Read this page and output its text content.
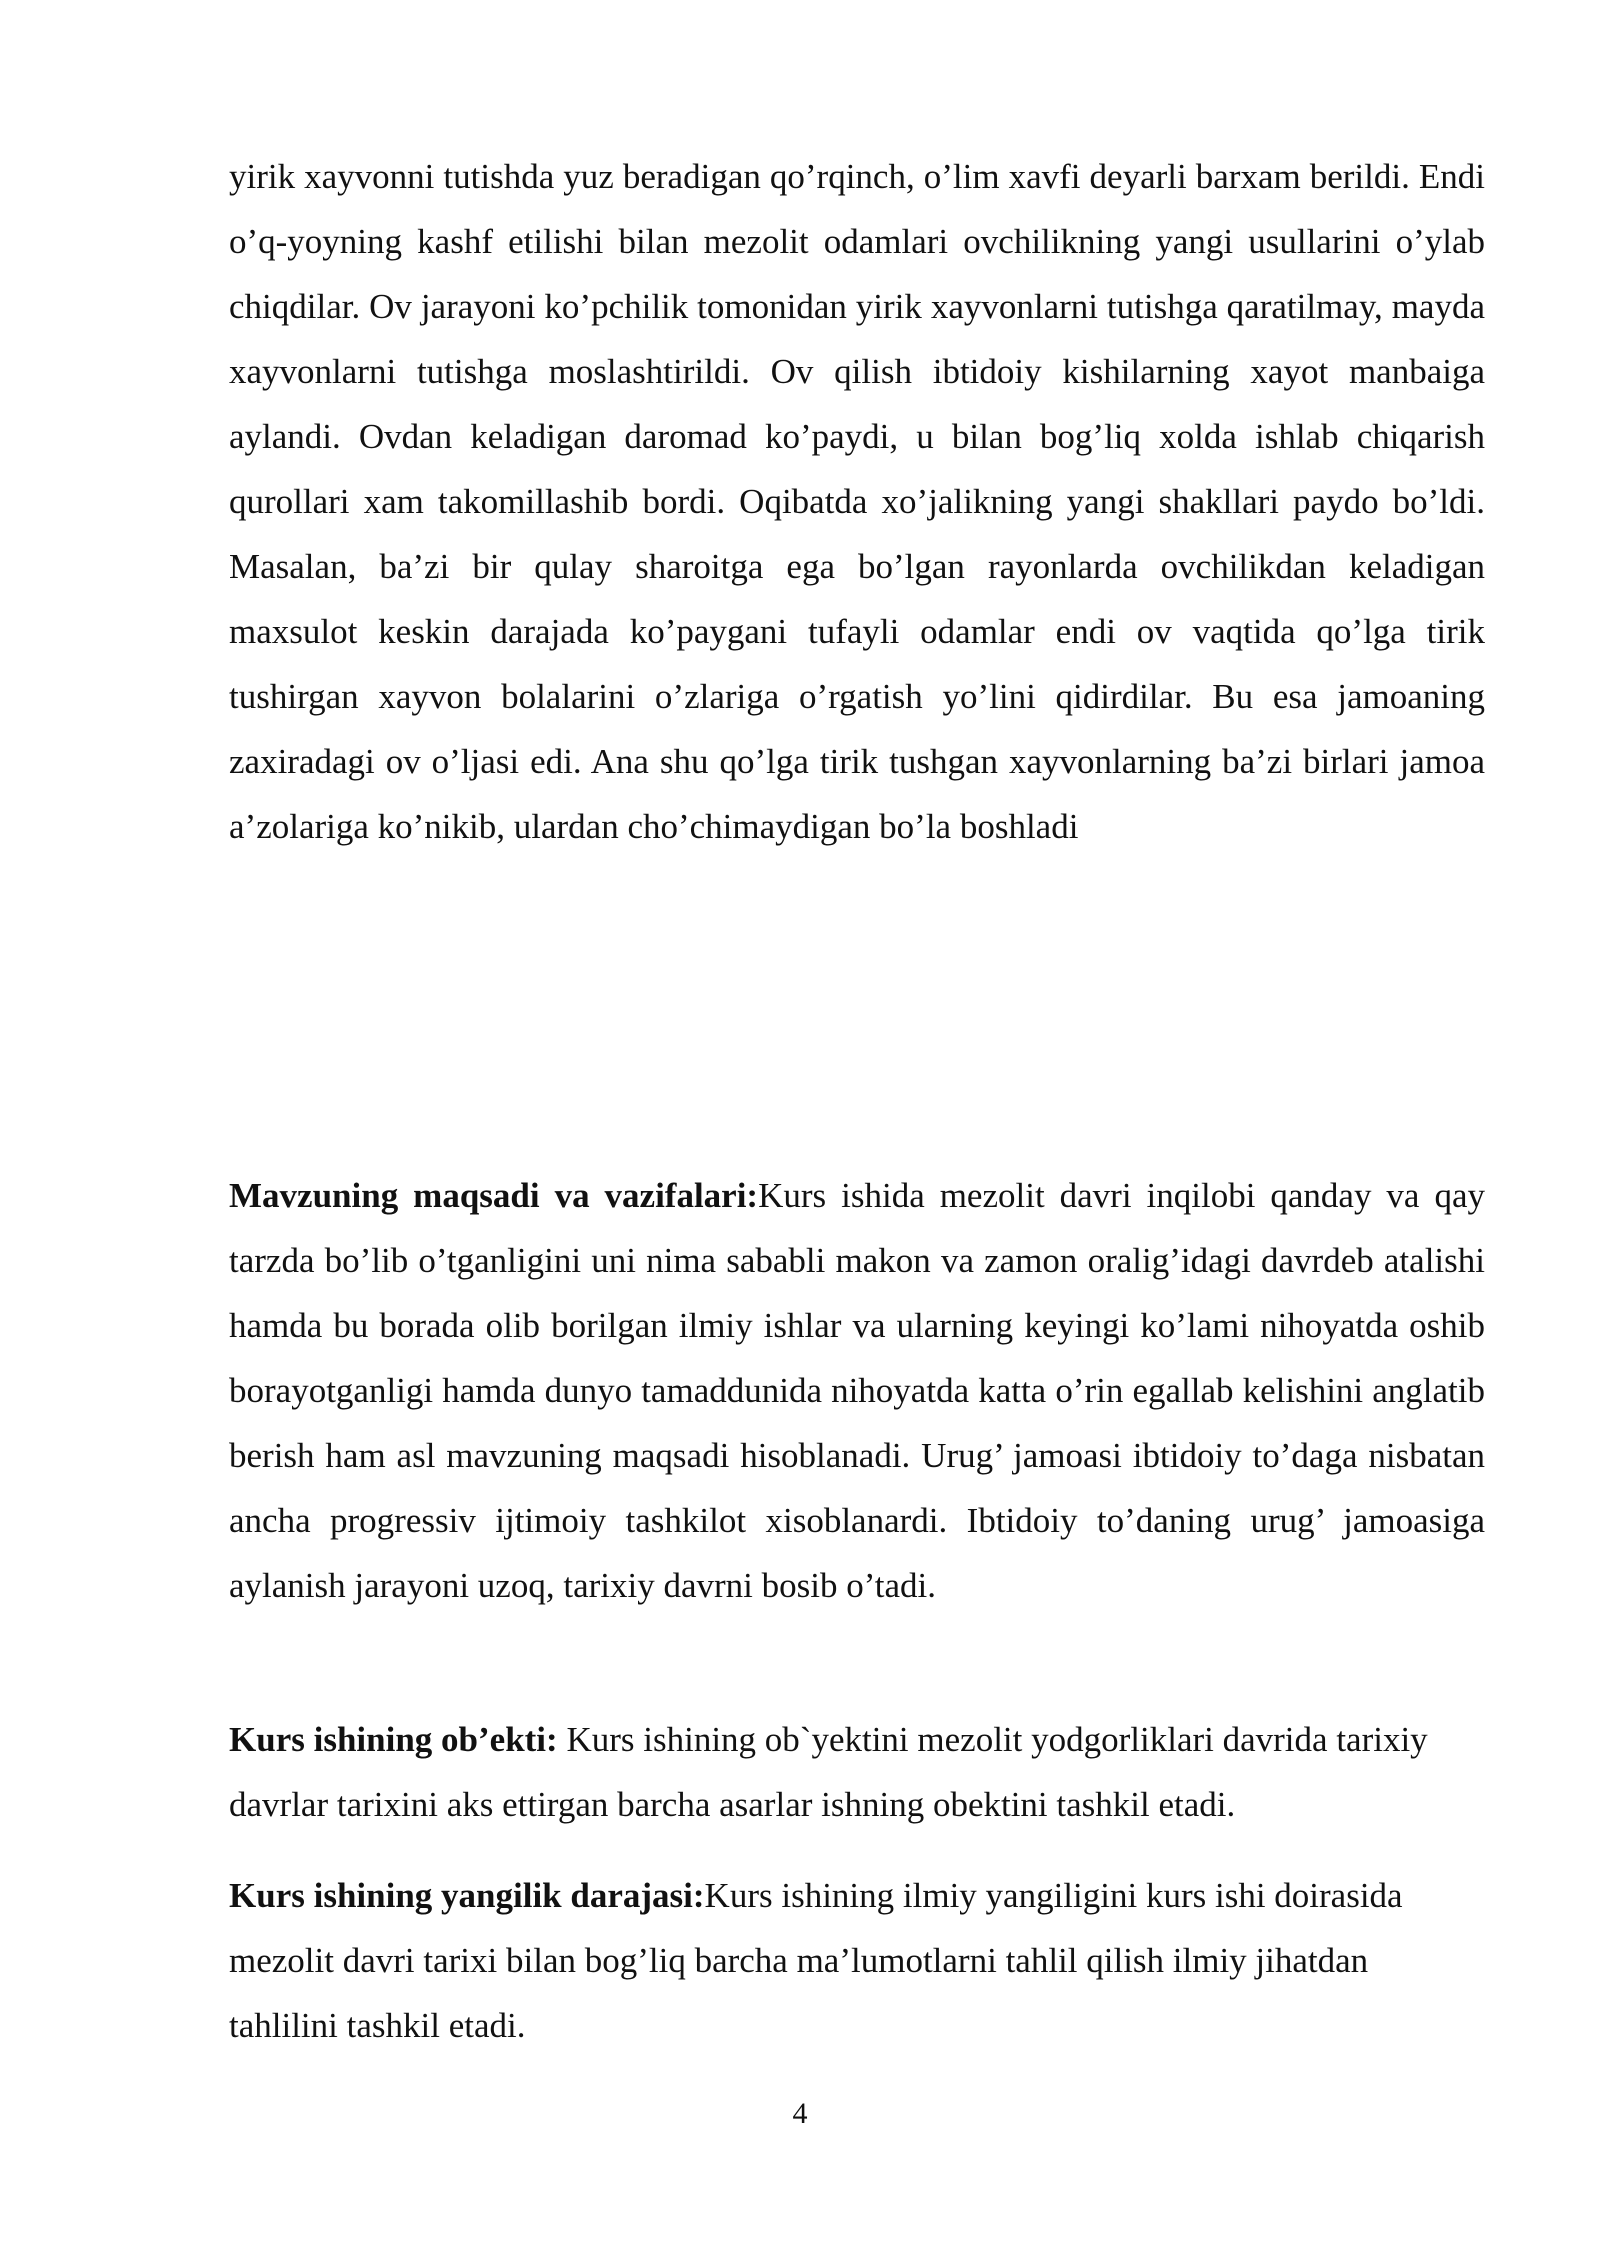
yirik xayvonni tutishda yuz beradigan qo’rqinch, o’lim xavfi deyarli barxam berildi. Endi o’q-yoyning kashf etilishi bilan mezolit odamlari ovchilikning yangi usullarini o’ylab chiqdilar. Ov jarayoni ko’pchilik tomonidan yirik xayvonlarni tutishga qaratilmay, mayda xayvonlarni tutishga moslashtirildi. Ov qilish ibtidoiy kishilarning xayot manbaiga aylandi. Ovdan keladigan daromad ko’paydi, u bilan bog’liq xolda ishlab chiqarish qurollari xam takomillashib bordi. Oqibatda xo’jalikning yangi shakllari paydo bo’ldi. Masalan, ba’zi bir qulay sharoitga ega bo’lgan rayonlarda ovchilikdan keladigan maxsulot keskin darajada ko’paygani tufayli odamlar endi ov vaqtida qo’lga tirik tushirgan xayvon bolalarini o’zlariga o’rgatish yo’lini qidirdilar. Bu esa jamoaning zaxiradagi ov o’ljasi edi. Ana shu qo’lga tirik tushgan xayvonlarning ba’zi birlari jamoa a’zolariga ko’nikib, ulardan cho’chimaydigan bo’la boshladi

Mavzuning maqsadi va vazifalari:Kurs ishida mezolit davri inqilobi qanday va qay tarzda bo’lib o’tganligini uni nima sababli makon va zamon oralig’idagi davrdeb atalishi hamda bu borada olib borilgan ilmiy ishlar va ularning keyingi ko’lami nihoyatda oshib borayotganligi hamda dunyo tamaddunida nihoyatda katta o’rin egallab kelishini anglatib berish ham asl mavzuning maqsadi hisoblanadi. Urug’ jamoasi ibtidoiy to’daga nisbatan ancha progressiv ijtimoiy tashkilot xisoblanardi. Ibtidoiy to’daning urug’ jamoasiga aylanish jarayoni uzoq, tarixiy davrni bosib o’tadi.

Kurs ishining ob’ekti: Kurs ishining ob`yektini mezolit yodgorliklari davrida tarixiy davrlar tarixini aks ettirgan barcha asarlar ishning obektini tashkil etadi.

Kurs ishining yangilik darajasi:Kurs ishining ilmiy yangiligini kurs ishi doirasida mezolit davri tarixi bilan bog’liq barcha ma’lumotlarni tahlil qilish ilmiy jihatdan tahlilini tashkil etadi.

4
